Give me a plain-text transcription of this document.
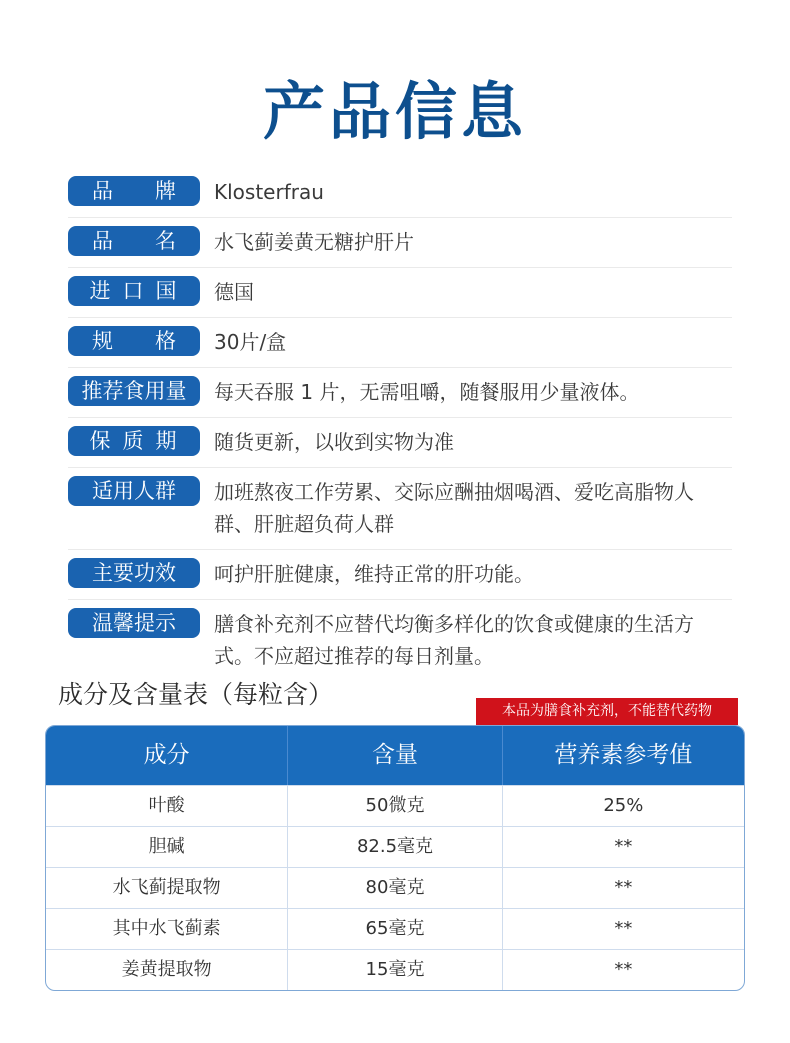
产品信息
品　　牌	Klosterfrau
品　　名	水飞蓟姜黄无糖护肝片
进口国	德国
规　　格	30片/盒
推荐食用量	每天吞服 1 片，无需咀嚼，随餐服用少量液体。
保质期	随货更新，以收到实物为准
适用人群	加班熬夜工作劳累、交际应酬抽烟喝酒、爱吃高脂物人群、肝脏超负荷人群
主要功效	呵护肝脏健康，维持正常的肝功能。
温馨提示	膳食补充剂不应替代均衡多样化的饮食或健康的生活方式。不应超过推荐的每日剂量。
成分及含量表（每粒含）
本品为膳食补充剂，不能替代药物
成分	含量	营养素参考值
叶酸	50微克	25%
胆碱	82.5毫克	**
水飞蓟提取物	80毫克	**
其中水飞蓟素	65毫克	**
姜黄提取物	15毫克	**
